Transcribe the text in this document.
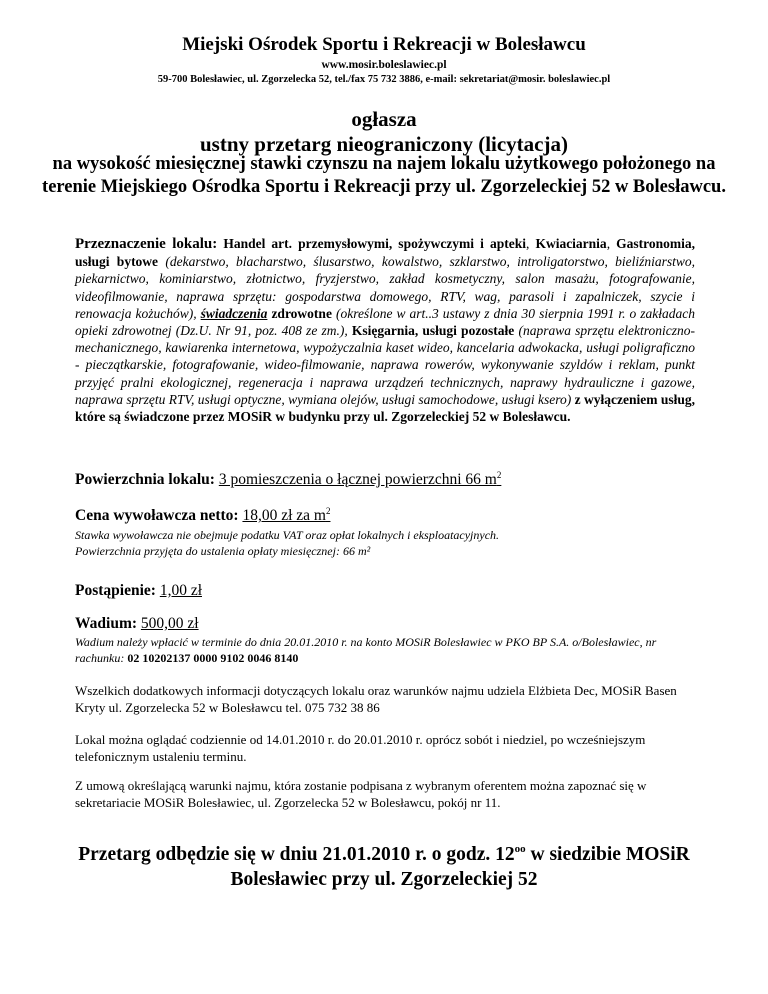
Miejski Ośrodek Sportu i Rekreacji w Bolesławcu
www.mosir.boleslawiec.pl
59-700 Bolesławiec, ul. Zgorzelecka 52, tel./fax 75 732 3886, e-mail: sekretariat@mosir. boleslawiec.pl
ogłasza
ustny przetarg nieograniczony (licytacja)
na wysokość miesięcznej stawki czynszu na najem lokalu użytkowego położonego na terenie Miejskiego Ośrodka Sportu i Rekreacji przy ul. Zgorzeleckiej 52 w Bolesławcu.
Przeznaczenie lokalu: Handel art. przemysłowymi, spożywczymi i apteki, Kwiaciarnia, Gastronomia, usługi bytowe (dekarstwo, blacharstwo, ślusarstwo, kowalstwo, szklarstwo, introligatorstwo, bieliźniarstwo, piekarnictwo, kominiarstwo, złotnictwo, fryzjerstwo, zakład kosmetyczny, salon masażu, fotografowanie, videofilmowanie, naprawa sprzętu: gospodarstwa domowego, RTV, wag, parasoli i zapalniczek, szycie i renowacja kożuchów), świadczenia zdrowotne (określone w art..3 ustawy z dnia 30 sierpnia 1991 r. o zakładach opieki zdrowotnej (Dz.U. Nr 91, poz. 408 ze zm.), Księgarnia, usługi pozostałe (naprawa sprzętu elektroniczno-mechanicznego, kawiarenka internetowa, wypożyczalnia kaset wideo, kancelaria adwokacka, usługi poligraficzno - pieczątkarskie, fotografowanie, wideo-filmowanie, naprawa rowerów, wykonywanie szyldów i reklam, punkt przyjęć pralni ekologicznej, regeneracja i naprawa urządzeń technicznych, naprawy hydrauliczne i gazowe, naprawa sprzętu RTV, usługi optyczne, wymiana olejów, usługi samochodowe, usługi ksero) z wyłączeniem usług, które są świadczone przez MOSiR w budynku przy ul. Zgorzeleckiej 52 w Bolesławcu.
Powierzchnia lokalu: 3 pomieszczenia o łącznej powierzchni 66 $m^2$
Cena wywoławcza netto: 18,00 zł za $m^2$
Stawka wywoławcza nie obejmuje podatku VAT oraz opłat lokalnych i eksploatacyjnych.
Powierzchnia przyjęta do ustalenia opłaty miesięcznej: 66 m²
Postąpienie: 1,00 zł
Wadium: 500,00 zł
Wadium należy wpłacić w terminie do dnia 20.01.2010 r. na konto MOSiR Bolesławiec w PKO BP S.A. o/Bolesławiec, nr rachunku: 02 10202137 0000 9102 0046 8140
Wszelkich dodatkowych informacji dotyczących lokalu oraz warunków najmu udziela Elżbieta Dec, MOSiR Basen Kryty ul. Zgorzelecka 52 w Bolesławcu tel. 075 732 38 86
Lokal można oglądać codziennie od 14.01.2010 r. do 20.01.2010 r. oprócz sobót i niedziel, po wcześniejszym telefonicznym ustaleniu terminu.
Z umową określającą warunki najmu, która zostanie podpisana z wybranym oferentem można zapoznać się w sekretariacie MOSiR Bolesławiec, ul. Zgorzelecka 52 w Bolesławcu, pokój nr 11.
Przetarg odbędzie się w dniu 21.01.2010 r. o godz. $12^{oo}$ w siedzibie MOSiR Bolesławiec przy ul. Zgorzeleckiej 52
